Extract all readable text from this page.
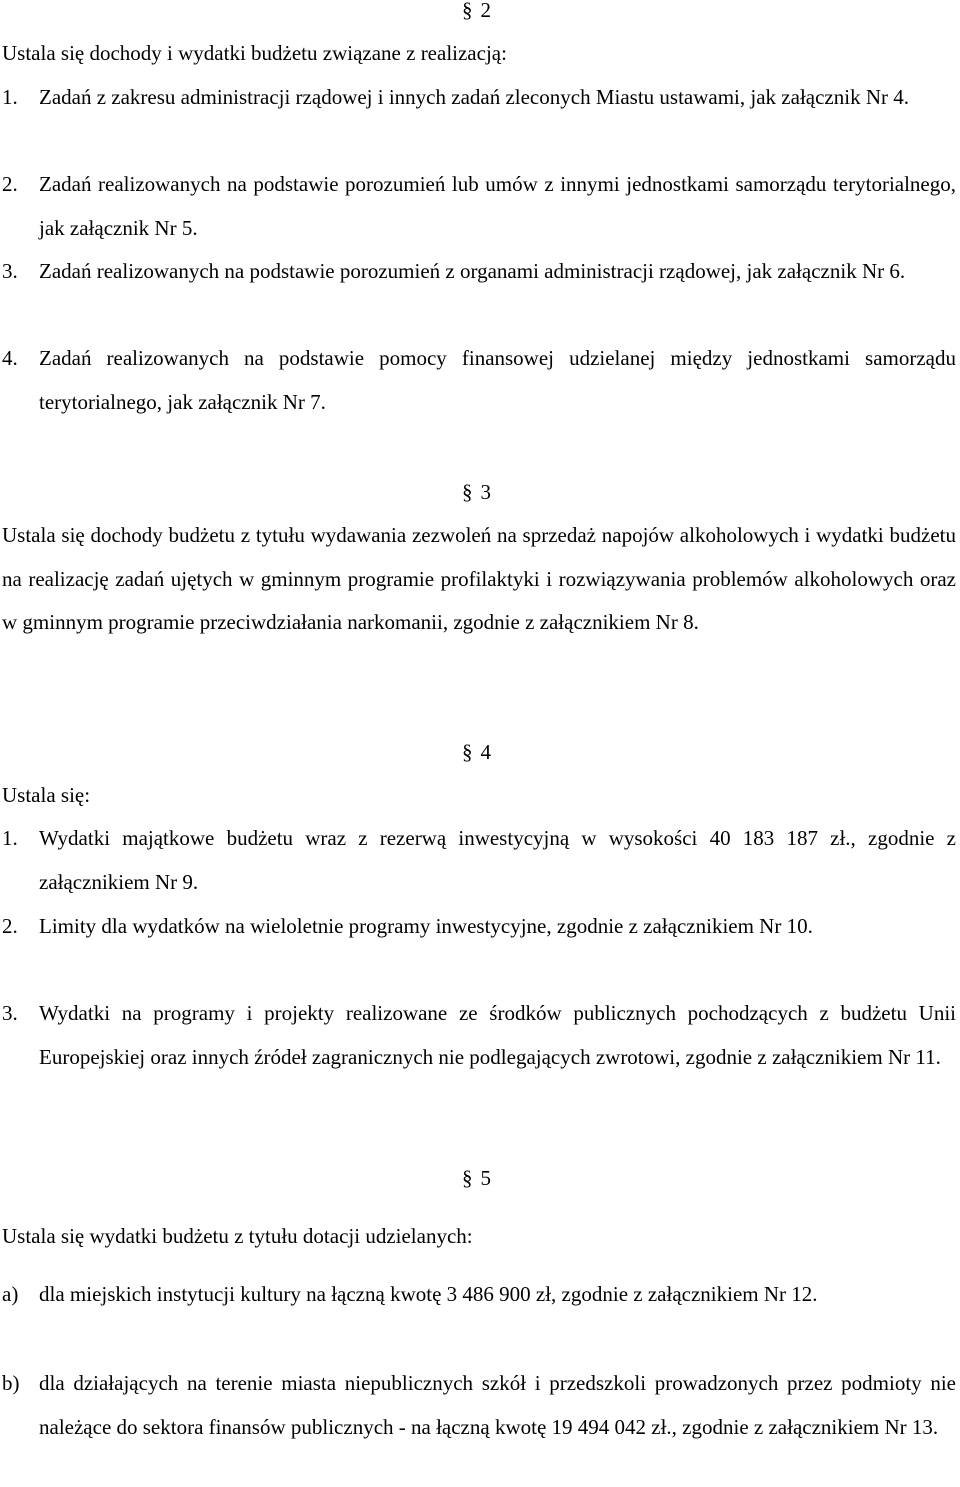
§ 2
Ustala się dochody i wydatki budżetu związane z realizacją:
1.	Zadań z zakresu administracji rządowej i innych zadań zleconych Miastu ustawami, jak załącznik Nr 4.
2.	Zadań realizowanych na podstawie porozumień lub umów z innymi jednostkami samorządu terytorialnego, jak załącznik Nr 5.
3.	Zadań realizowanych na podstawie porozumień z organami administracji rządowej, jak załącznik Nr 6.
4.	Zadań realizowanych na podstawie pomocy finansowej udzielanej między jednostkami samorządu terytorialnego, jak załącznik Nr 7.
§ 3
Ustala się dochody budżetu z tytułu wydawania zezwoleń na sprzedaż napojów alkoholowych i wydatki budżetu na realizację zadań ujętych w gminnym programie profilaktyki i rozwiązywania problemów alkoholowych oraz w gminnym programie przeciwdziałania narkomanii, zgodnie z załącznikiem Nr 8.
§ 4
Ustala się:
1.	Wydatki majątkowe budżetu wraz z rezerwą inwestycyjną w wysokości 40 183 187 zł., zgodnie z załącznikiem Nr 9.
2.	Limity dla wydatków na wieloletnie programy inwestycyjne, zgodnie z załącznikiem Nr 10.
3.	Wydatki na programy i projekty realizowane ze środków publicznych pochodzących z budżetu Unii Europejskiej oraz innych źródeł zagranicznych nie podlegających zwrotowi, zgodnie z załącznikiem Nr 11.
§ 5
Ustala się wydatki budżetu z tytułu dotacji udzielanych:
a) dla miejskich instytucji kultury na łączną kwotę 3 486 900 zł, zgodnie z załącznikiem Nr 12.
b) dla działających na terenie miasta niepublicznych szkół i przedszkoli prowadzonych przez podmioty nie należące do sektora finansów publicznych - na łączną kwotę 19 494 042 zł., zgodnie z załącznikiem Nr 13.
